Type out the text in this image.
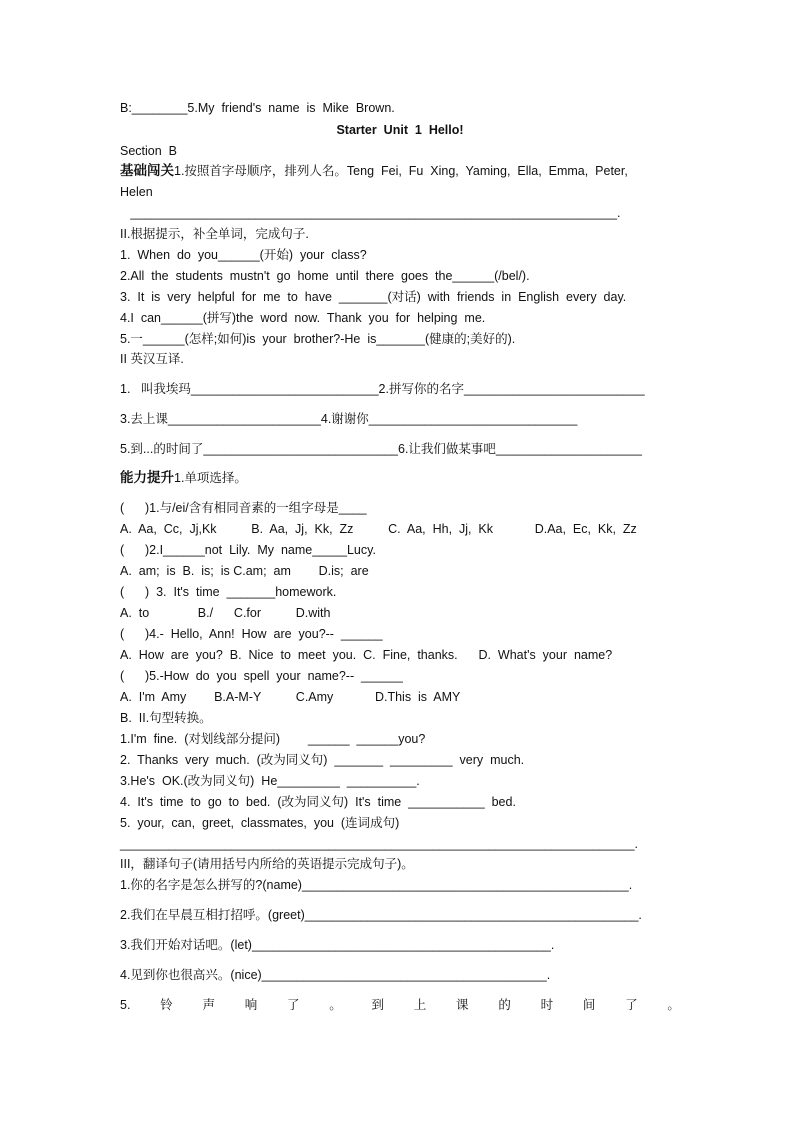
B:________5.My  friend's  name  is  Mike  Brown.
Starter  Unit  1  Hello!
Section  B
基础闯关1.按照首字母顺序，排列人名。Teng  Fei,  Fu  Xing,  Yaming,  Ella,  Emma,  Peter,
Helen
______________________________________________________________________.
II.根据提示，补全单词，完成句子.
1.  When  do  you______(开始)  your  class?
2.All  the  students  mustn't  go  home  until  there  goes  the______(/bel/).
3.  It  is  very  helpful  for  me  to  have  _______(对话)  with  friends  in  English  every  day.
4.I  can______(拼写)the  word  now.  Thank  you  for  helping  me.
5.一______(怎样;如何)is  your  brother?-He  is_______(健康的;美好的).
II 英汉互译.
1.   叫我埃玛___________________________2.拼写你的名字__________________________
3.去上课______________________4.谢谢你______________________________
5.到...的时间了____________________________6.让我们做某事吧_____________________
能力提升1.单项选择。
(      )1.与/ei/含有相同音素的一组字母是____
A.  Aa,  Cc,  Jj,Kk          B.  Aa,  Jj,  Kk,  Zz          C.  Aa,  Hh,  Jj,  Kk            D.Aa,  Ec,  Kk,  Zz
(      )2.I______not  Lily.  My  name_____Lucy.
A.  am;  is  B.  is;  is C.am;  am        D.is;  are
(      )  3.  It's  time  _______homework.
A.  to              B./      C.for          D.with
(      )4.-  Hello,  Ann!  How  are  you?--  ______
A.  How  are  you?  B.  Nice  to  meet  you.  C.  Fine,  thanks.      D.  What's  your  name?
(      )5.-How  do  you  spell  your  name?--  ______
A.  I'm  Amy        B.A-M-Y          C.Amy            D.This  is  AMY
B.  II.句型转换。
1.I'm  fine.  (对划线部分提问)        ______  ______you?
2.  Thanks  very  much.  (改为同义句)  _______  _________  very  much.
3.He's  OK.(改为同义句)  He_________  __________.
4.  It's  time  to  go  to  bed.  (改为同义句)  It's  time  ___________  bed.
5.  your,  can,  greet,  classmates,  you  (连词成句)
__________________________________________________________________________.
III，翻译句子(请用括号内所给的英语提示完成句子)。
1.你的名字是怎么拼写的?(name)_______________________________________________.
2.我们在早晨互相打招呼。(greet)________________________________________________.
3.我们开始对话吧。(let)___________________________________________.
4.见到你也很高兴。(nice)_________________________________________.
5. 铃 声 响 了 。 到 上 课 的 时 间 了 。
